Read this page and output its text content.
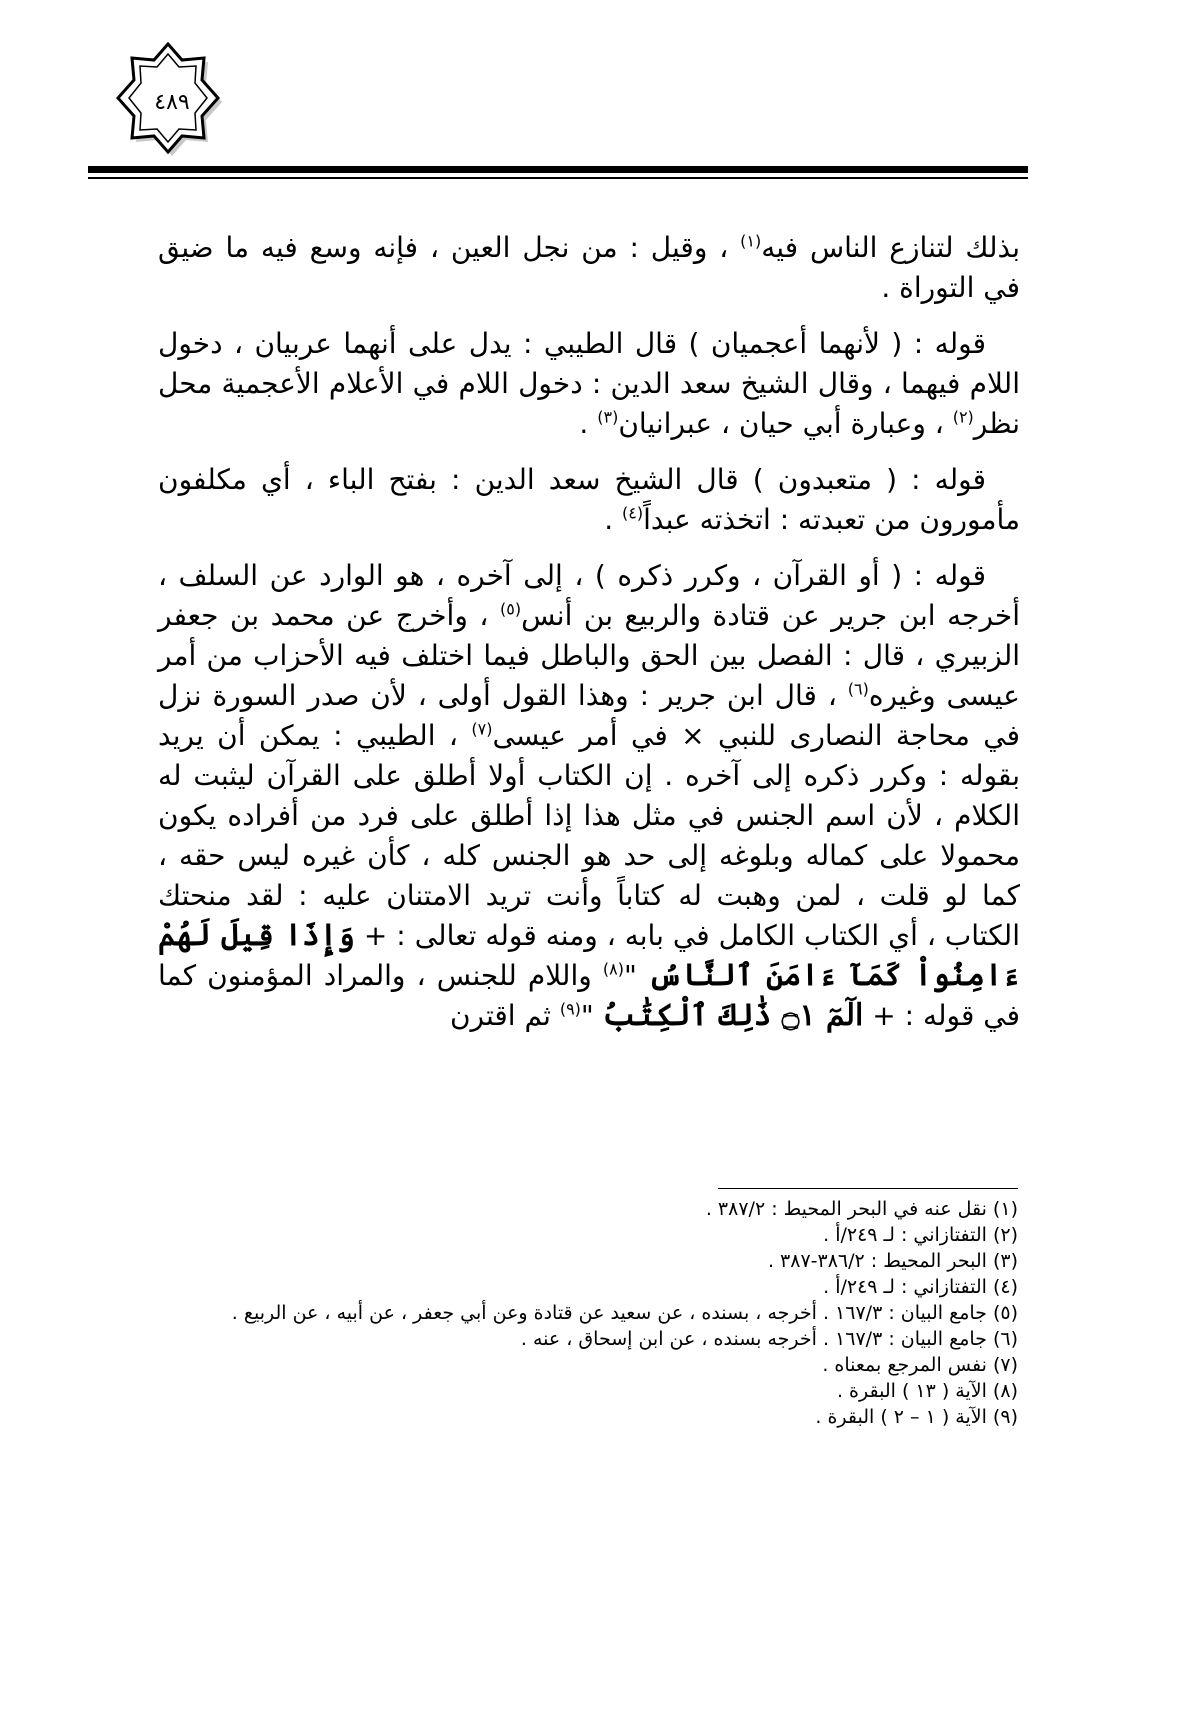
٤٨٩

بذلك لتنازع الناس فيه$^{(١)}$ ، وقيل : من نجل العين ، فإنه وسع فيه ما ضيق في التوراة .

قوله : ( لأنهما أعجميان ) قال الطيبي : يدل على أنهما عربيان ، دخول اللام فيهما ، وقال الشيخ سعد الدين : دخول اللام في الأعلام الأعجمية محل نظر$^{(٢)}$ ، وعبارة أبي حيان ، عبرانيان$^{(٣)}$ .

قوله : ( متعبدون ) قال الشيخ سعد الدين : بفتح الباء ، أي مكلفون مأمورون من تعبدته : اتخذته عبداً$^{(٤)}$ .

قوله : ( أو القرآن ، وكرر ذكره ) ، إلى آخره ، هو الوارد عن السلف ، أخرجه ابن جرير عن قتادة والربيع بن أنس$^{(٥)}$ ، وأخرج عن محمد بن جعفر الزبيري ، قال : الفصل بين الحق والباطل فيما اختلف فيه الأحزاب من أمر عيسى وغيره$^{(٦)}$ ، قال ابن جرير : وهذا القول أولى ، لأن صدر السورة نزل في محاجة النصارى للنبي × في أمر عيسى$^{(٧)}$ ، الطيبي : يمكن أن يريد بقوله : وكرر ذكره إلى آخره . إن الكتاب أولا أطلق على القرآن ليثبت له الكلام ، لأن اسم الجنس في مثل هذا إذا أطلق على فرد من أفراده يكون محمولا على كماله وبلوغه إلى حد هو الجنس كله ، كأن غيره ليس حقه ، كما لو قلت ، لمن وهبت له كتاباً وأنت تريد الامتنان عليه : لقد منحتك الكتاب ، أي الكتاب الكامل في بابه ، ومنه قوله تعالى : + وَإِذَا قِيلَ لَهُمْ ءَامِنُواْ كَمَآ ءَامَنَ ٱلنَّاسُ "$^{(٨)}$ واللام للجنس ، والمراد المؤمنون كما في قوله : + الٓمٓ ۝١ ذَٰلِكَ ٱلْكِتَٰبُ "$^{(٩)}$ ثم اقترن

(١) نقل عنه في البحر المحيط : ٣٨٧/٢ .

(٢) التفتازاني : لـ ٢٤٩/أ .

(٣) البحر المحيط : ٣٨٦/٢-٣٨٧ .

(٤) التفتازاني : لـ ٢٤٩/أ .

(٥) جامع البيان : ١٦٧/٣ . أخرجه ، بسنده ، عن سعيد عن قتادة وعن أبي جعفر ، عن أبيه ، عن الربيع .

(٦) جامع البيان : ١٦٧/٣ . أخرجه بسنده ، عن ابن إسحاق ، عنه .

(٧) نفس المرجع بمعناه .

(٨) الآية ( ١٣ ) البقرة .

(٩) الآية ( ١ – ٢ ) البقرة .
